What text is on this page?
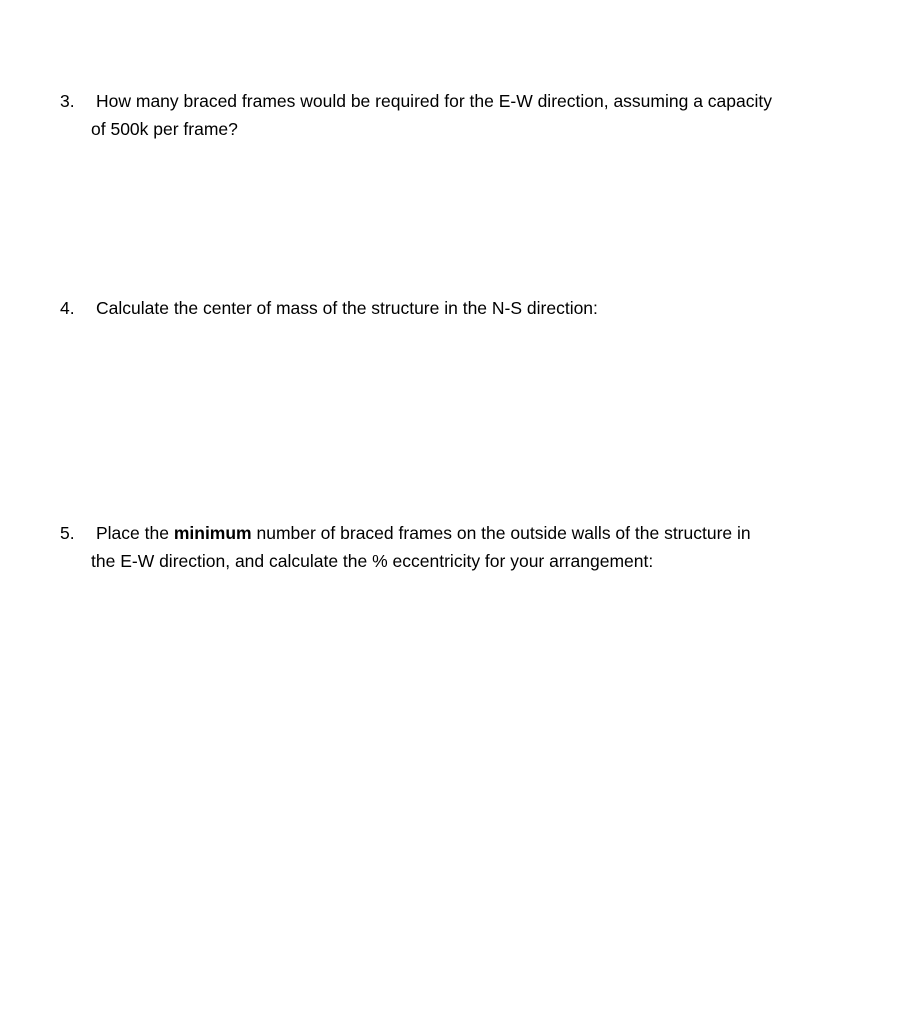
3.	How many braced frames would be required for the E-W direction, assuming a capacity
of 500k per frame?
4.	Calculate the center of mass of the structure in the N-S direction:
5.	Place the minimum number of braced frames on the outside walls of the structure in
the E-W direction, and calculate the % eccentricity for your arrangement:
